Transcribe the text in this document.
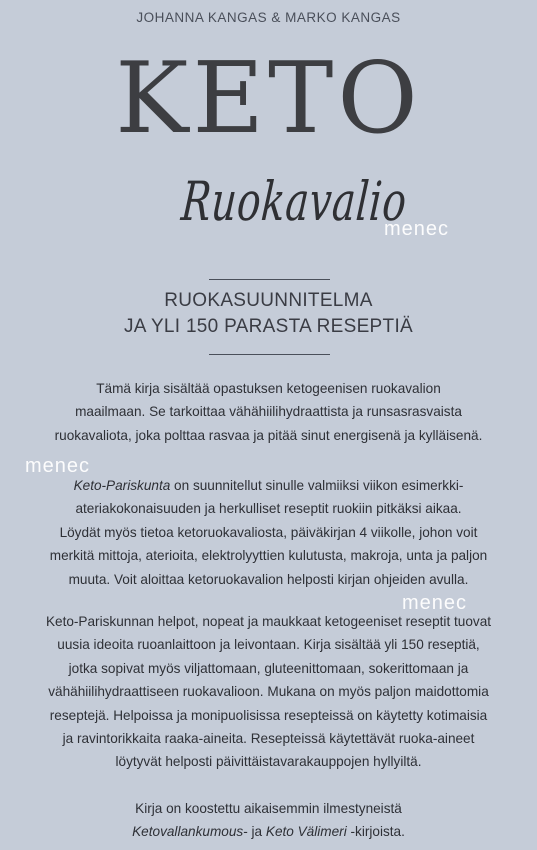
JOHANNA KANGAS & MARKO KANGAS
KETO
Ruokavalio
menec
menec
menec
RUOKASUUNNITELMA
JA YLI 150 PARASTA RESEPTIÄ
Tämä kirja sisältää opastuksen ketogeenisen ruokavalion
maailmaan. Se tarkoittaa vähähiilihydraattista ja runsasrasvaista
ruokavaliota, joka polttaa rasvaa ja pitää sinut energisenä ja kylläisenä.
Keto-Pariskunta on suunnitellut sinulle valmiiksi viikon esimerkki-
ateriakokonaisuuden ja herkulliset reseptit ruokiin pitkäksi aikaa.
Löydät myös tietoa ketoruokavaliosta, päiväkirjan 4 viikolle, johon voit
merkitä mittoja, aterioita, elektrolyyttien kulutusta, makroja, unta ja paljon
muuta. Voit aloittaa ketoruokavalion helposti kirjan ohjeiden avulla.
Keto-Pariskunnan helpot, nopeat ja maukkaat ketogeeniset reseptit tuovat
uusia ideoita ruoanlaittoon ja leivontaan. Kirja sisältää yli 150 reseptiä,
jotka sopivat myös viljattomaan, gluteenittomaan, sokerittomaan ja
vähähiilihydraattiseen ruokavalioon. Mukana on myös paljon maidottomia
reseptejä. Helpoissa ja monipuolisissa resepteissä on käytetty kotimaisia
ja ravintorikkaita raaka-aineita. Resepteissä käytettävät ruoka-aineet
löytyvät helposti päivittäistavarakauppojen hyllyiltä.
Kirja on koostettu aikaisemmin ilmestyneistä
Ketovallankumous- ja Keto Välimeri -kirjoista.
